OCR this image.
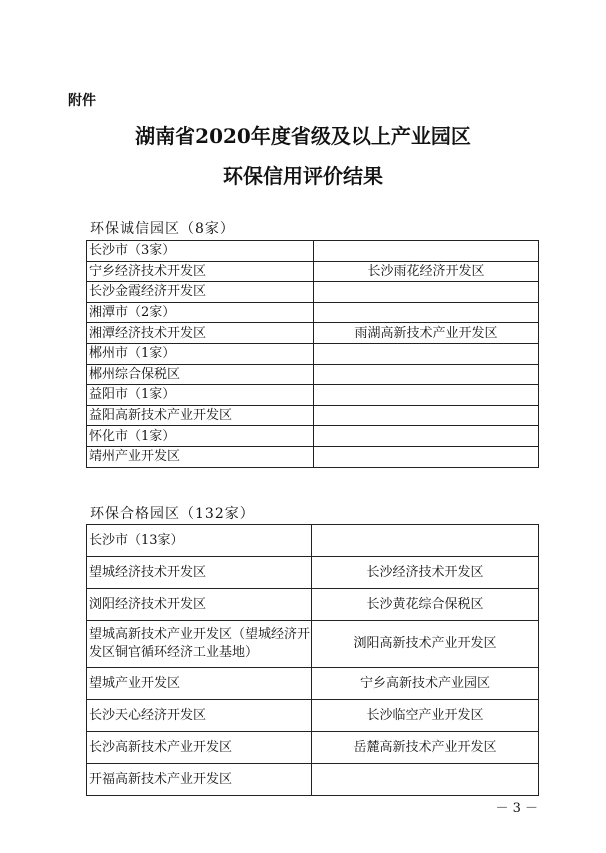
附件
湖南省2020年度省级及以上产业园区
环保信用评价结果
环保诚信园区（8家）
长沙市（3家）	
宁乡经济技术开发区	长沙雨花经济开发区
长沙金霞经济开发区	
湘潭市（2家）	
湘潭经济技术开发区	雨湖高新技术产业开发区
郴州市（1家）	
郴州综合保税区	
益阳市（1家）	
益阳高新技术产业开发区	
怀化市（1家）	
靖州产业开发区	
环保合格园区（132家）
长沙市（13家）	
望城经济技术开发区	长沙经济技术开发区
浏阳经济技术开发区	长沙黄花综合保税区
望城高新技术产业开发区（望城经济开发区铜官循环经济工业基地）	浏阳高新技术产业开发区
望城产业开发区	宁乡高新技术产业园区
长沙天心经济开发区	长沙临空产业开发区
长沙高新技术产业开发区	岳麓高新技术产业开发区
开福高新技术产业开发区	
－ 3 －
